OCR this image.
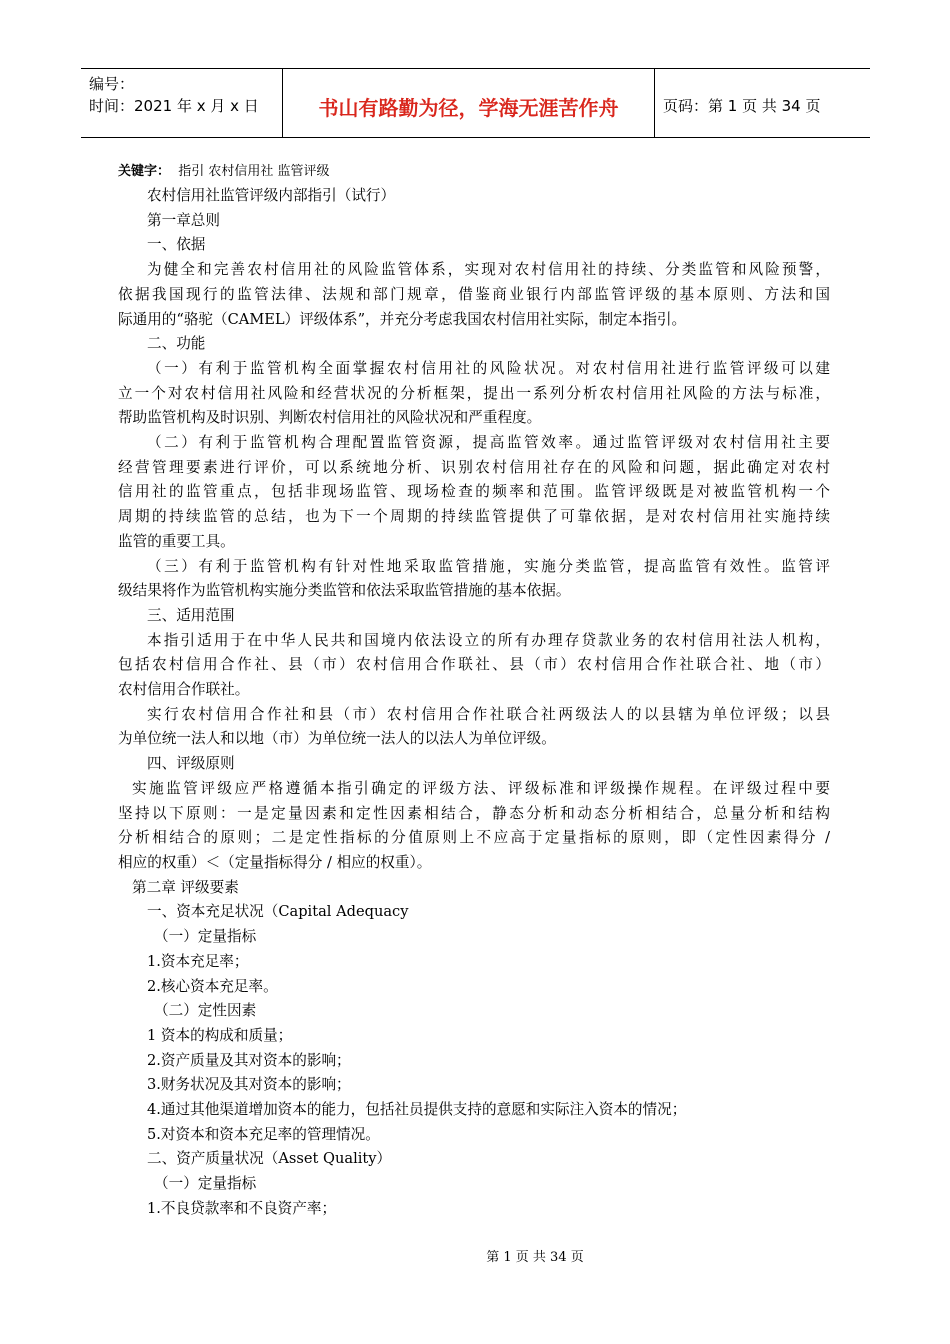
编号：
时间：2021 年 x 月 x 日	书山有路勤为径，学海无涯苦作舟	页码：第 1 页 共 34 页

关键字： 指引 农村信用社 监管评级

农村信用社监管评级内部指引（试行）

第一章总则

一、依据

为健全和完善农村信用社的风险监管体系，实现对农村信用社的持续、分类监管和风险预警，

依据我国现行的监管法律、法规和部门规章，借鉴商业银行内部监管评级的基本原则、方法和国

际通用的“骆驼（CAMEL）评级体系”，并充分考虑我国农村信用社实际，制定本指引。

二、功能

（一）有利于监管机构全面掌握农村信用社的风险状况。对农村信用社进行监管评级可以建

立一个对农村信用社风险和经营状况的分析框架，提出一系列分析农村信用社风险的方法与标准，

帮助监管机构及时识别、判断农村信用社的风险状况和严重程度。

（二）有利于监管机构合理配置监管资源，提高监管效率。通过监管评级对农村信用社主要

经营管理要素进行评价，可以系统地分析、识别农村信用社存在的风险和问题，据此确定对农村

信用社的监管重点，包括非现场监管、现场检查的频率和范围。监管评级既是对被监管机构一个

周期的持续监管的总结，也为下一个周期的持续监管提供了可靠依据，是对农村信用社实施持续

监管的重要工具。

（三）有利于监管机构有针对性地采取监管措施，实施分类监管，提高监管有效性。监管评

级结果将作为监管机构实施分类监管和依法采取监管措施的基本依据。

三、适用范围

本指引适用于在中华人民共和国境内依法设立的所有办理存贷款业务的农村信用社法人机构，

包括农村信用合作社、县（市）农村信用合作联社、县（市）农村信用合作社联合社、地（市）

农村信用合作联社。

实行农村信用合作社和县（市）农村信用合作社联合社两级法人的以县辖为单位评级；以县

为单位统一法人和以地（市）为单位统一法人的以法人为单位评级。

四、评级原则

实施监管评级应严格遵循本指引确定的评级方法、评级标准和评级操作规程。在评级过程中要

坚持以下原则：一是定量因素和定性因素相结合，静态分析和动态分析相结合，总量分析和结构

分析相结合的原则；二是定性指标的分值原则上不应高于定量指标的原则，即（定性因素得分 /

相应的权重）＜（定量指标得分 / 相应的权重）。

第二章 评级要素

一、资本充足状况（Capital Adequacy

（一）定量指标

1.资本充足率；

2.核心资本充足率。

（二）定性因素

1 资本的构成和质量；

2.资产质量及其对资本的影响；

3.财务状况及其对资本的影响；

4.通过其他渠道增加资本的能力，包括社员提供支持的意愿和实际注入资本的情况；

5.对资本和资本充足率的管理情况。

二、资产质量状况（Asset Quality）

（一）定量指标

1.不良贷款率和不良资产率；

第 1 页 共 34 页
